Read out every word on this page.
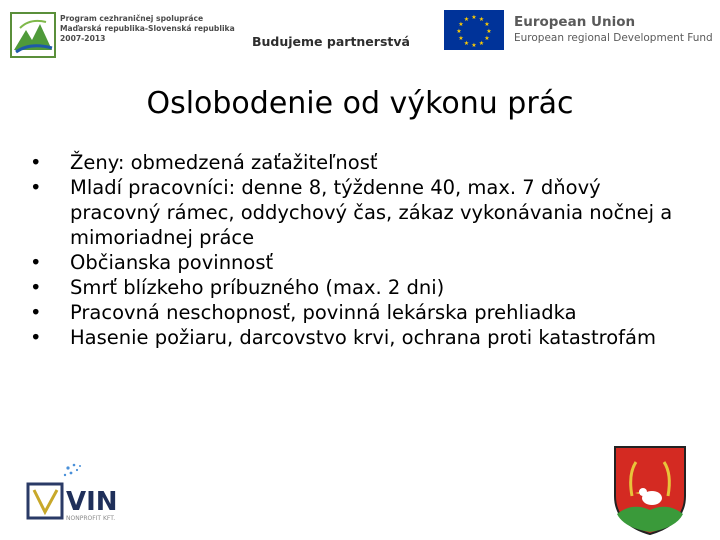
Program cezhraničnej spolupráce
Maďarská republika-Slovenská republika
2007-2013	Budujeme partnerstvá
★ ★
★
★
★
★
★
★
★
★
★
★	European Union
European regional Development Fund
Oslobodenie od výkonu prác
• Ženy: obmedzená zaťažiteľnosť
• Mladí pracovníci: denne 8, týždenne 40, max. 7 dňový pracovný rámec, oddychový čas, zákaz vykonávania nočnej a mimoriadnej práce
• Občianska povinnosť
• Smrť blízkeho príbuzného (max. 2 dni)
• Pracovná neschopnosť, povinná lekárska prehliadka
• Hasenie požiaru, darcovstvo krvi, ochrana proti katastrofám
VIN
NONPROFIT KFT.
